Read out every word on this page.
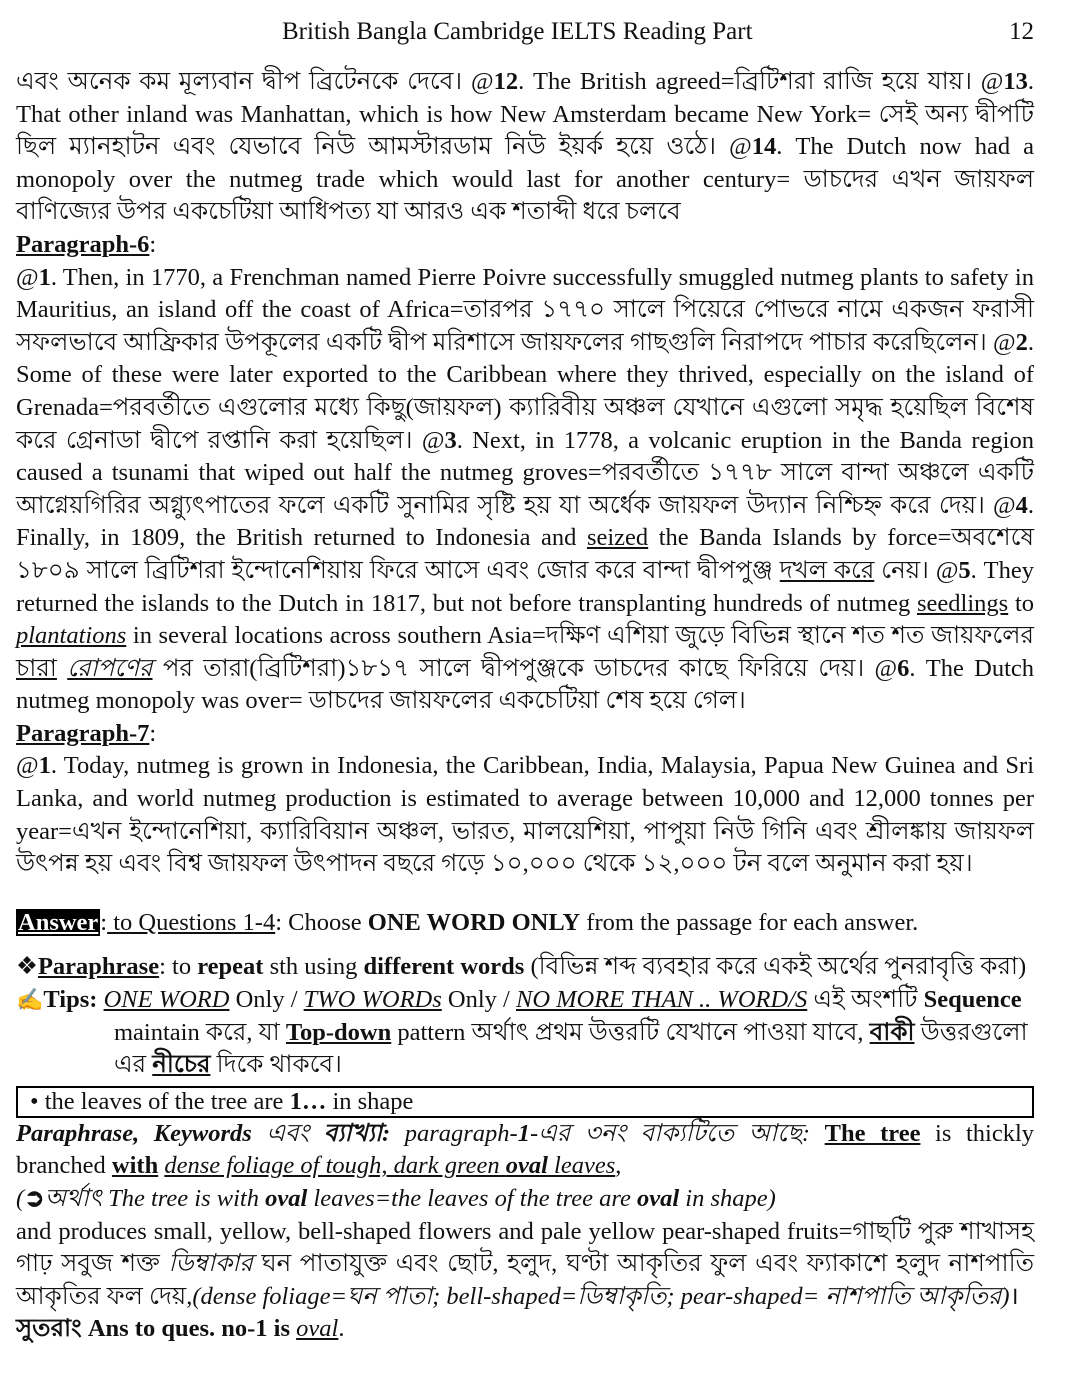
British Bangla Cambridge IELTS Reading Part	12

এবং অনেক কম মূল্যবান দ্বীপ ব্রিটেনকে দেবে। @12. The British agreed=ব্রিটিশরা রাজি হয়ে যায়। @13. That other inland was Manhattan, which is how New Amsterdam became New York= সেই অন্য দ্বীপটি ছিল ম্যানহাটন এবং যেভাবে নিউ আমস্টারডাম নিউ ইয়র্ক হয়ে ওঠে। @14. The Dutch now had a monopoly over the nutmeg trade which would last for another century= ডাচদের এখন জায়ফল বাণিজ্যের উপর একচেটিয়া আধিপত্য যা আরও এক শতাব্দী ধরে চলবে

Paragraph-6:

@1. Then, in 1770, a Frenchman named Pierre Poivre successfully smuggled nutmeg plants to safety in Mauritius, an island off the coast of Africa=তারপর ১৭৭০ সালে পিয়েরে পোভরে নামে একজন ফরাসী সফলভাবে আফ্রিকার উপকূলের একটি দ্বীপ মরিশাসে জায়ফলের গাছগুলি নিরাপদে পাচার করেছিলেন। @2. Some of these were later exported to the Caribbean where they thrived, especially on the island of Grenada=পরবর্তীতে এগুলোর মধ্যে কিছু(জায়ফল) ক্যারিবীয় অঞ্চল যেখানে এগুলো সমৃদ্ধ হয়েছিল বিশেষ করে গ্রেনাডা দ্বীপে রপ্তানি করা হয়েছিল। @3. Next, in 1778, a volcanic eruption in the Banda region caused a tsunami that wiped out half the nutmeg groves=পরবর্তীতে ১৭৭৮ সালে বান্দা অঞ্চলে একটি আগ্নেয়গিরির অগ্ন্যুৎপাতের ফলে একটি সুনামির সৃষ্টি হয় যা অর্ধেক জায়ফল উদ্যান নিশ্চিহ্ন করে দেয়। @4. Finally, in 1809, the British returned to Indonesia and seized the Banda Islands by force=অবশেষে ১৮০৯ সালে ব্রিটিশরা ইন্দোনেশিয়ায় ফিরে আসে এবং জোর করে বান্দা দ্বীপপুঞ্জ দখল করে নেয়। @5. They returned the islands to the Dutch in 1817, but not before transplanting hundreds of nutmeg seedlings to plantations in several locations across southern Asia=দক্ষিণ এশিয়া জুড়ে বিভিন্ন স্থানে শত শত জায়ফলের চারা রোপণের পর তারা(ব্রিটিশরা)১৮১৭ সালে দ্বীপপুঞ্জকে ডাচদের কাছে ফিরিয়ে দেয়। @6. The Dutch nutmeg monopoly was over= ডাচদের জায়ফলের একচেটিয়া শেষ হয়ে গেল।

Paragraph-7:

@1. Today, nutmeg is grown in Indonesia, the Caribbean, India, Malaysia, Papua New Guinea and Sri Lanka, and world nutmeg production is estimated to average between 10,000 and 12,000 tonnes per year=এখন ইন্দোনেশিয়া, ক্যারিবিয়ান অঞ্চল, ভারত, মালয়েশিয়া, পাপুয়া নিউ গিনি এবং শ্রীলঙ্কায় জায়ফল উৎপন্ন হয় এবং বিশ্ব জায়ফল উৎপাদন বছরে গড়ে ১০,০০০ থেকে ১২,০০০ টন বলে অনুমান করা হয়।

Answer: to Questions 1-4: Choose ONE WORD ONLY from the passage for each answer.

❖Paraphrase: to repeat sth using different words (বিভিন্ন শব্দ ব্যবহার করে একই অর্থের পুনরাবৃত্তি করা)

✍Tips: ONE WORD Only / TWO WORDs Only / NO MORE THAN .. WORD/S এই অংশটি Sequence

maintain করে, যা Top-down pattern অর্থাৎ প্রথম উত্তরটি যেখানে পাওয়া যাবে, বাকী উত্তরগুলো এর নীচের দিকে থাকবে।

• the leaves of the tree are 1… in shape

Paraphrase, Keywords এবং ব্যাখ্যা: paragraph-1-এর ৩নং বাক্যটিতে আছে: The tree is thickly branched with dense foliage of tough, dark green oval leaves,

(➲অর্থাৎ The tree is with oval leaves=the leaves of the tree are oval in shape)

and produces small, yellow, bell-shaped flowers and pale yellow pear-shaped fruits=গাছটি পুরু শাখাসহ গাঢ় সবুজ শক্ত ডিম্বাকার ঘন পাতাযুক্ত এবং ছোট, হলুদ, ঘণ্টা আকৃতির ফুল এবং ফ্যাকাশে হলুদ নাশপাতি আকৃতির ফল দেয়,(dense foliage=ঘন পাতা; bell-shaped=ডিম্বাকৃতি; pear-shaped= নাশপাতি আকৃতির)।

সুতরাং Ans to ques. no-1 is oval.
